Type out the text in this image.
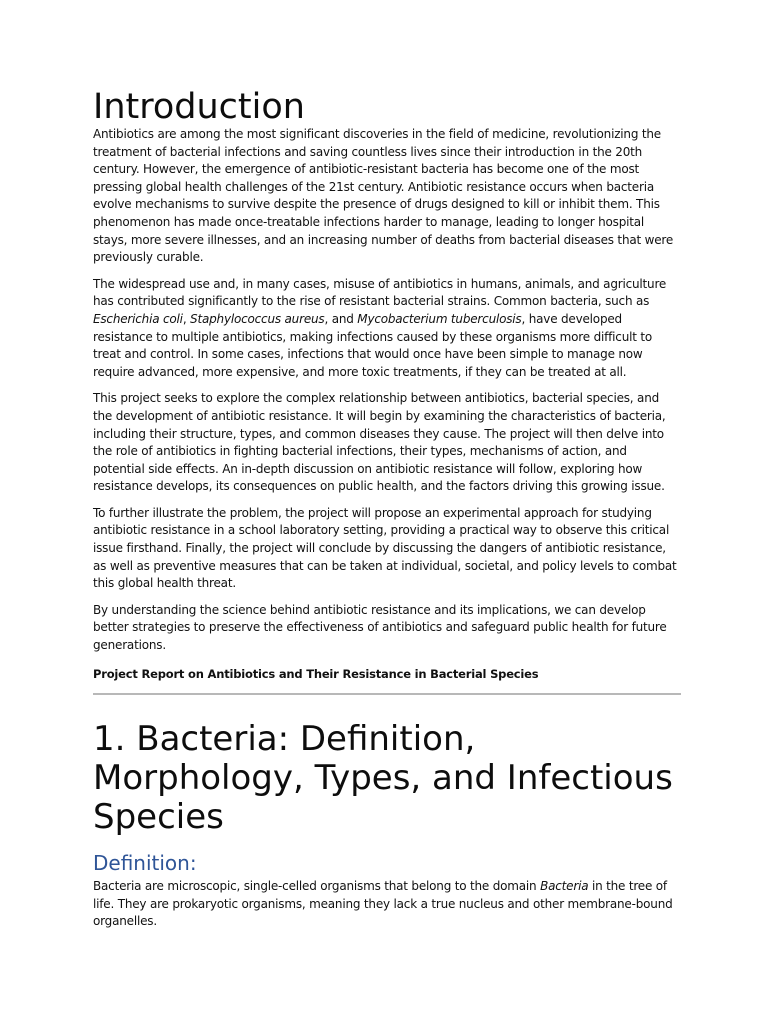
Introduction

Antibiotics are among the most significant discoveries in the field of medicine, revolutionizing the treatment of bacterial infections and saving countless lives since their introduction in the 20th century. However, the emergence of antibiotic-resistant bacteria has become one of the most pressing global health challenges of the 21st century. Antibiotic resistance occurs when bacteria evolve mechanisms to survive despite the presence of drugs designed to kill or inhibit them. This phenomenon has made once-treatable infections harder to manage, leading to longer hospital stays, more severe illnesses, and an increasing number of deaths from bacterial diseases that were previously curable.

The widespread use and, in many cases, misuse of antibiotics in humans, animals, and agriculture has contributed significantly to the rise of resistant bacterial strains. Common bacteria, such as Escherichia coli, Staphylococcus aureus, and Mycobacterium tuberculosis, have developed resistance to multiple antibiotics, making infections caused by these organisms more difficult to treat and control. In some cases, infections that would once have been simple to manage now require advanced, more expensive, and more toxic treatments, if they can be treated at all.

This project seeks to explore the complex relationship between antibiotics, bacterial species, and the development of antibiotic resistance. It will begin by examining the characteristics of bacteria, including their structure, types, and common diseases they cause. The project will then delve into the role of antibiotics in fighting bacterial infections, their types, mechanisms of action, and potential side effects. An in-depth discussion on antibiotic resistance will follow, exploring how resistance develops, its consequences on public health, and the factors driving this growing issue.

To further illustrate the problem, the project will propose an experimental approach for studying antibiotic resistance in a school laboratory setting, providing a practical way to observe this critical issue firsthand. Finally, the project will conclude by discussing the dangers of antibiotic resistance, as well as preventive measures that can be taken at individual, societal, and policy levels to combat this global health threat.

By understanding the science behind antibiotic resistance and its implications, we can develop better strategies to preserve the effectiveness of antibiotics and safeguard public health for future generations.

Project Report on Antibiotics and Their Resistance in Bacterial Species

1. Bacteria: Definition, Morphology, Types, and Infectious Species
Definition:

Bacteria are microscopic, single-celled organisms that belong to the domain Bacteria in the tree of life. They are prokaryotic organisms, meaning they lack a true nucleus and other membrane-bound organelles.
